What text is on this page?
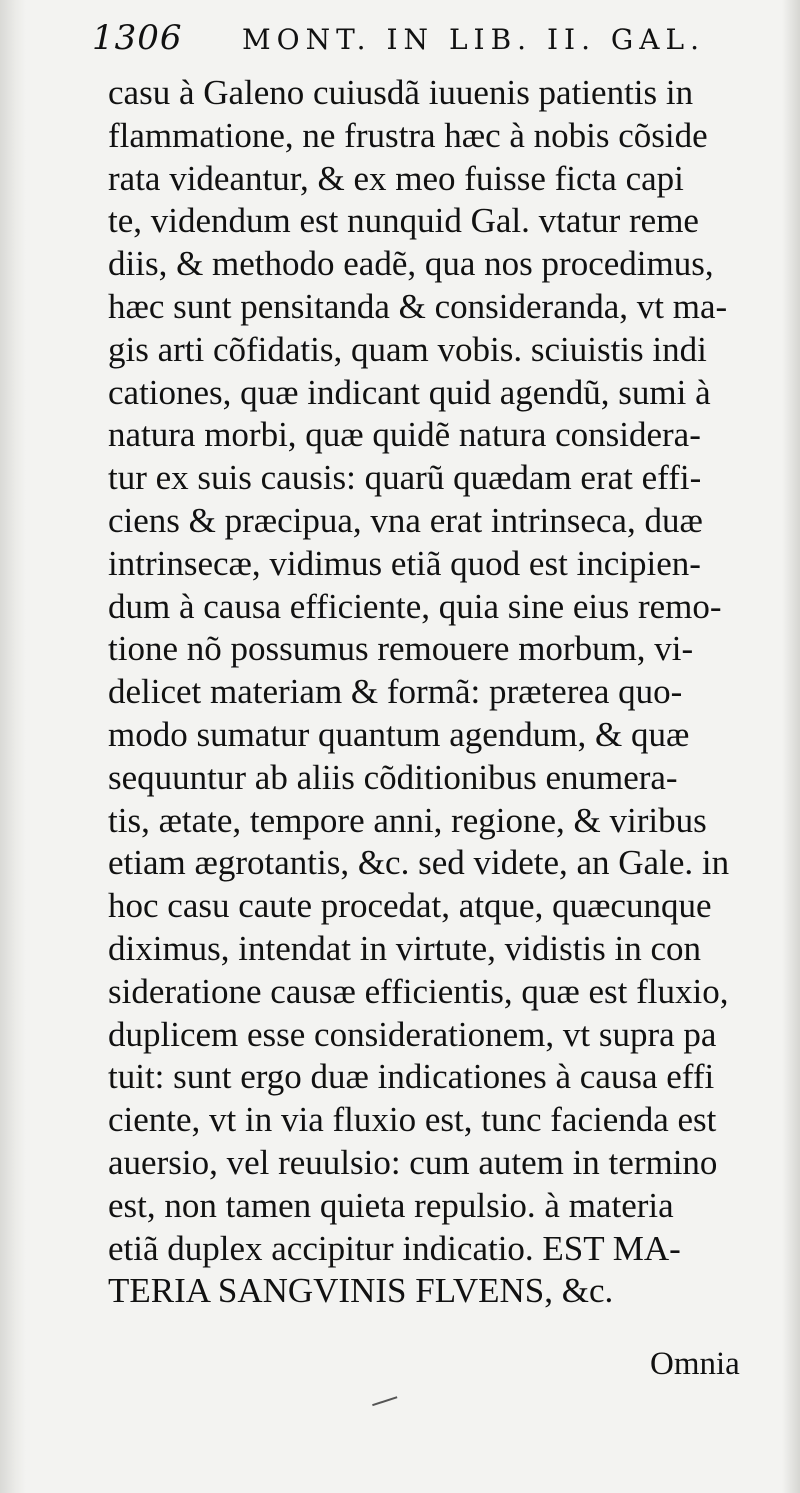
1306 MONT. IN LIB. II. GAL.
casu à Galeno cuiusdã iuuenis patientis in
flammatione, ne frustra hæc à nobis cõside
rata videantur, & ex meo fuisse ficta capi
te, videndum est nunquid Gal. vtatur reme
diis, & methodo eadẽ, qua nos procedimus,
hæc sunt pensitanda & consideranda, vt ma-
gis arti cõfidatis, quam vobis. sciuistis indi
cationes, quæ indicant quid agendũ, sumi à
natura morbi, quæ quidẽ natura considera-
tur ex suis causis: quarũ quædam erat effi-
ciens & præcipua, vna erat intrinseca, duæ
intrinsecæ, vidimus etiã quod est incipien-
dum à causa efficiente, quia sine eius remo-
tione nõ possumus remouere morbum, vi-
delicet materiam & formã: præterea quo-
modo sumatur quantum agendum, & quæ
sequuntur ab aliis cõditionibus enumera-
tis, ætate, tempore anni, regione, & viribus
etiam ægrotantis, &c. sed videte, an Gale. in
hoc casu caute procedat, atque, quæcunque
diximus, intendat in virtute, vidistis in con
sideratione causæ efficientis, quæ est fluxio,
duplicem esse considerationem, vt supra pa
tuit: sunt ergo duæ indicationes à causa effi
ciente, vt in via fluxio est, tunc facienda est
auersio, vel reuulsio: cum autem in termino
est, non tamen quieta repulsio. à materia
etiã duplex accipitur indicatio. EST MA-
TERIA SANGVINIS FLVENS, &c.
Omnia
